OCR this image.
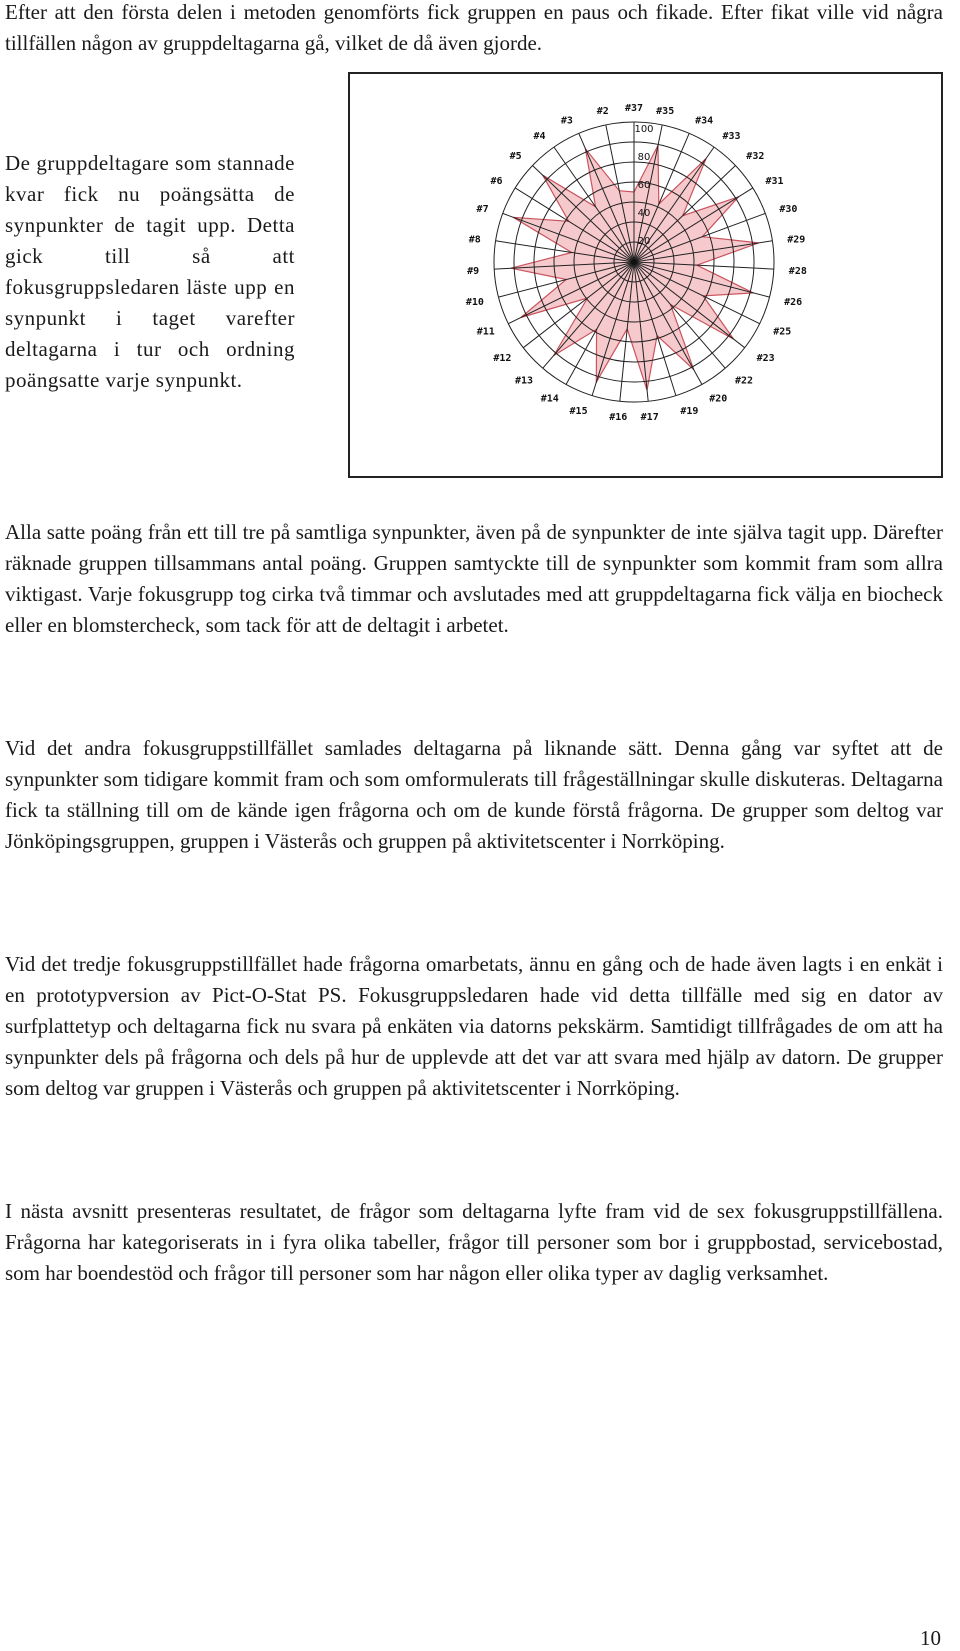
Efter att den första delen i metoden genomförts fick gruppen en paus och fikade. Efter fikat ville vid några tillfällen någon av gruppdeltagarna gå, vilket de då även gjorde.

De gruppdeltagare som stannade kvar fick nu poängsätta de synpunkter de tagit upp. Detta gick till så att fokusgruppsledaren läste upp en synpunkt i taget varefter deltagarna i tur och ordning poängsatte varje synpunkt.

20
40
60
80
100
#37 #35
#34
#33
#32
#31
#30
#29
#28
#26
#25
#23
#22
#20
#19
#17
#16
#15
#14
#13
#12
#11
#10
#9
#8
#7
#6
#5
#4
#3
#2

Alla satte poäng från ett till tre på samtliga synpunkter, även på de synpunkter de inte själva tagit upp. Därefter räknade gruppen tillsammans antal poäng. Gruppen samtyckte till de synpunkter som kommit fram som allra viktigast. Varje fokusgrupp tog cirka två timmar och avslutades med att gruppdeltagarna fick välja en biocheck eller en blomstercheck, som tack för att de deltagit i arbetet.

Vid det andra fokusgruppstillfället samlades deltagarna på liknande sätt. Denna gång var syftet att de synpunkter som tidigare kommit fram och som omformulerats till frågeställningar skulle diskuteras. Deltagarna fick ta ställning till om de kände igen frågorna och om de kunde förstå frågorna. De grupper som deltog var Jönköpingsgruppen, gruppen i Västerås och gruppen på aktivitetscenter i Norrköping.

Vid det tredje fokusgruppstillfället hade frågorna omarbetats, ännu en gång och de hade även lagts i en enkät i en prototypversion av Pict-O-Stat PS. Fokusgruppsledaren hade vid detta tillfälle med sig en dator av surfplattetyp och deltagarna fick nu svara på enkäten via datorns pekskärm. Samtidigt tillfrågades de om att ha synpunkter dels på frågorna och dels på hur de upplevde att det var att svara med hjälp av datorn. De grupper som deltog var gruppen i Västerås och gruppen på aktivitetscenter i Norrköping.

I nästa avsnitt presenteras resultatet, de frågor som deltagarna lyfte fram vid de sex fokusgruppstillfällena. Frågorna har kategoriserats in i fyra olika tabeller, frågor till personer som bor i gruppbostad, servicebostad, som har boendestöd och frågor till personer som har någon eller olika typer av daglig verksamhet.

10
